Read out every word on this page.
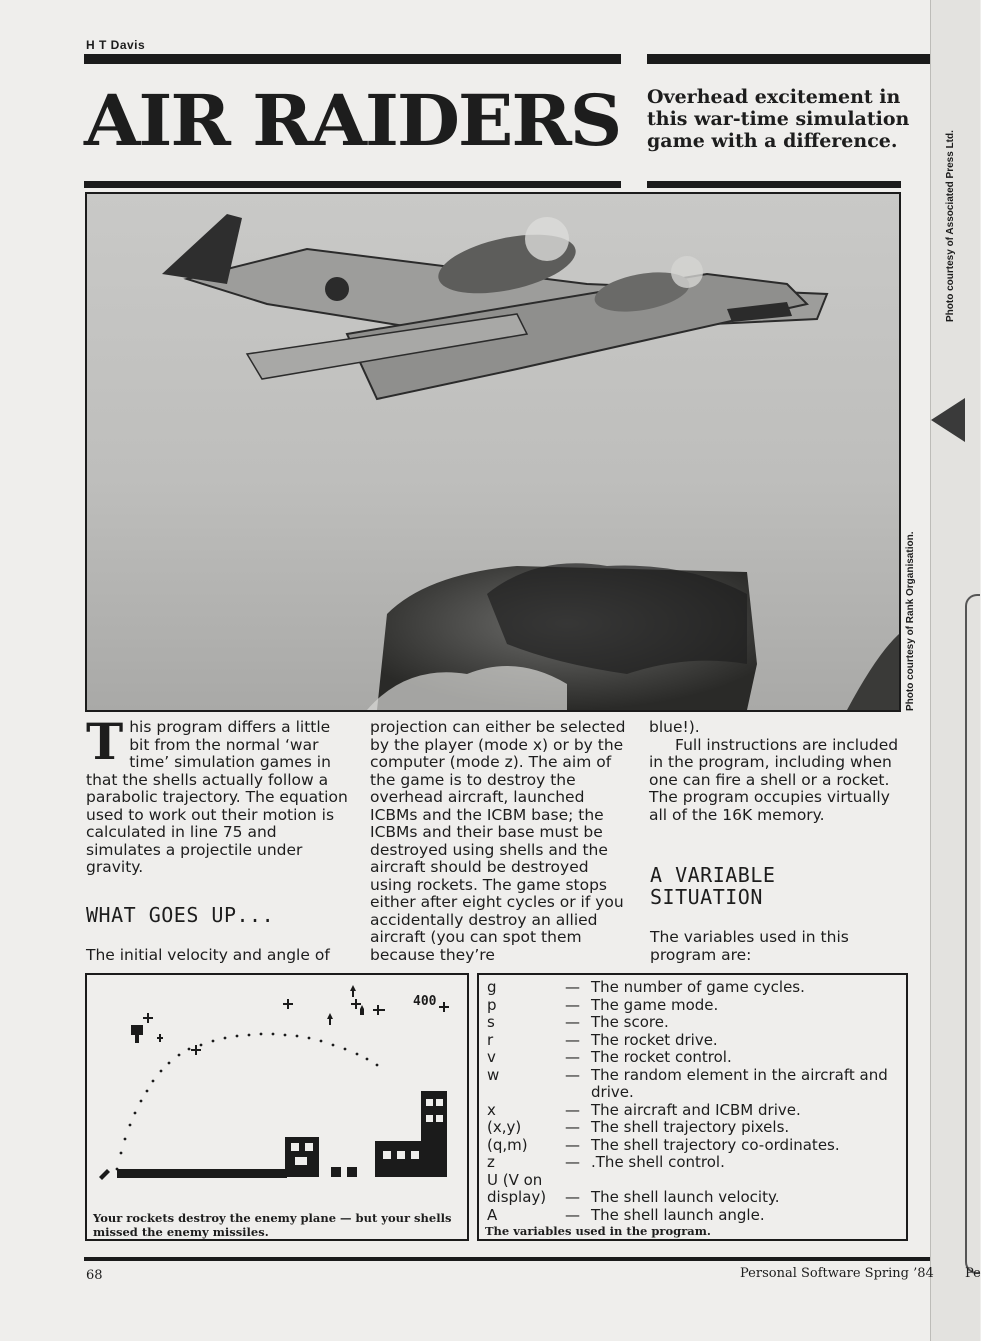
Photo courtesy of Associated Press Ltd.
Pe
H T Davis
AIR RAIDERS Overhead excitement in this war-time simulation game with a difference.
Photo courtesy of Rank Organisation.
T his program differs a little bit from the normal ‘war time’ simulation games in that the shells actually follow a parabolic trajectory. The equation used to work out their motion is calculated in line 75 and simulates a projectile under gravity.
WHAT GOES UP...
The initial velocity and angle of
projection can either be selected by the player (mode x) or by the computer (mode z). The aim of the game is to destroy the overhead aircraft, launched ICBMs and the ICBM base; the ICBMs and their base must be destroyed using shells and the aircraft should be destroyed using rockets. The game stops either after eight cycles or if you accidentally destroy an allied aircraft (you can spot them because they’re
blue!).
Full instructions are included in the program, including when one can fire a shell or a rocket. The program occupies virtually all of the 16K memory.
A VARIABLE SITUATION
The variables used in this program are:
400
Your rockets destroy the enemy plane — but your shells missed the enemy missiles.
g	— The number of game cycles.
p	— The game mode.
s	— The score.
r	— The rocket drive.
v	— The rocket control.
w	— The random element in the aircraft and drive.
x	— The aircraft and ICBM drive.
(x,y)	— The shell trajectory pixels.
(q,m)	— The shell trajectory co-ordinates.
z	— .The shell control.
U (V on display)	— The shell launch velocity.
A	— The shell launch angle.
The variables used in the program.
68	Personal Software Spring ’84
